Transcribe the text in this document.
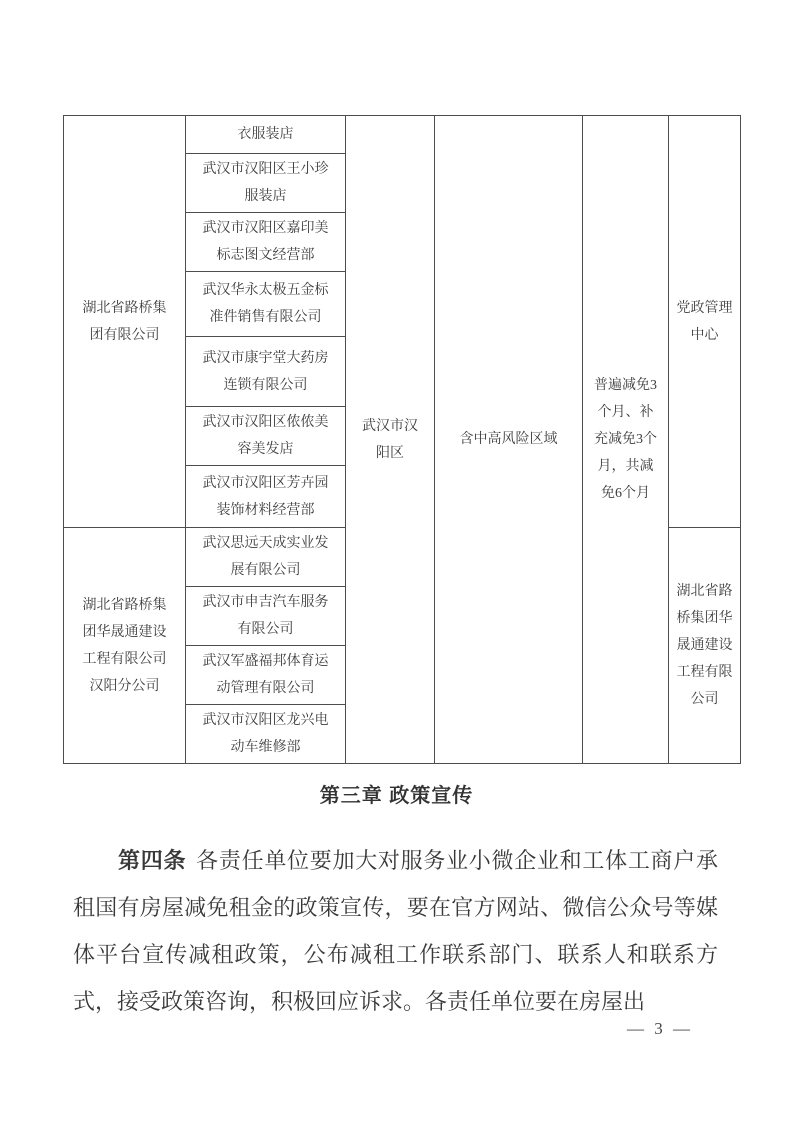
湖北省路桥集团有限公司	衣服装店	武汉市汉阳区	含中高风险区域	普遍减免3个月、补充减免3个月，共减免6个月	党政管理中心
	武汉市汉阳区王小珍服装店				
	武汉市汉阳区嘉印美标志图文经营部				
	武汉华永太极五金标准件销售有限公司				
	武汉市康宇堂大药房连锁有限公司				
	武汉市汉阳区侬侬美容美发店				
	武汉市汉阳区芳卉园装饰材料经营部				
湖北省路桥集团华晟通建设工程有限公司汉阳分公司	武汉思远天成实业发展有限公司				湖北省路桥集团华晟通建设工程有限公司
	武汉市申吉汽车服务有限公司				
	武汉军盛福邦体育运动管理有限公司				
	武汉市汉阳区龙兴电动车维修部				
第三章 政策宣传

第四条 各责任单位要加大对服务业小微企业和工体工商户承租国有房屋减免租金的政策宣传，要在官方网站、微信公众号等媒体平台宣传减租政策，公布减租工作联系部门、联系人和联系方式，接受政策咨询，积极回应诉求。各责任单位要在房屋出

— 3 —
